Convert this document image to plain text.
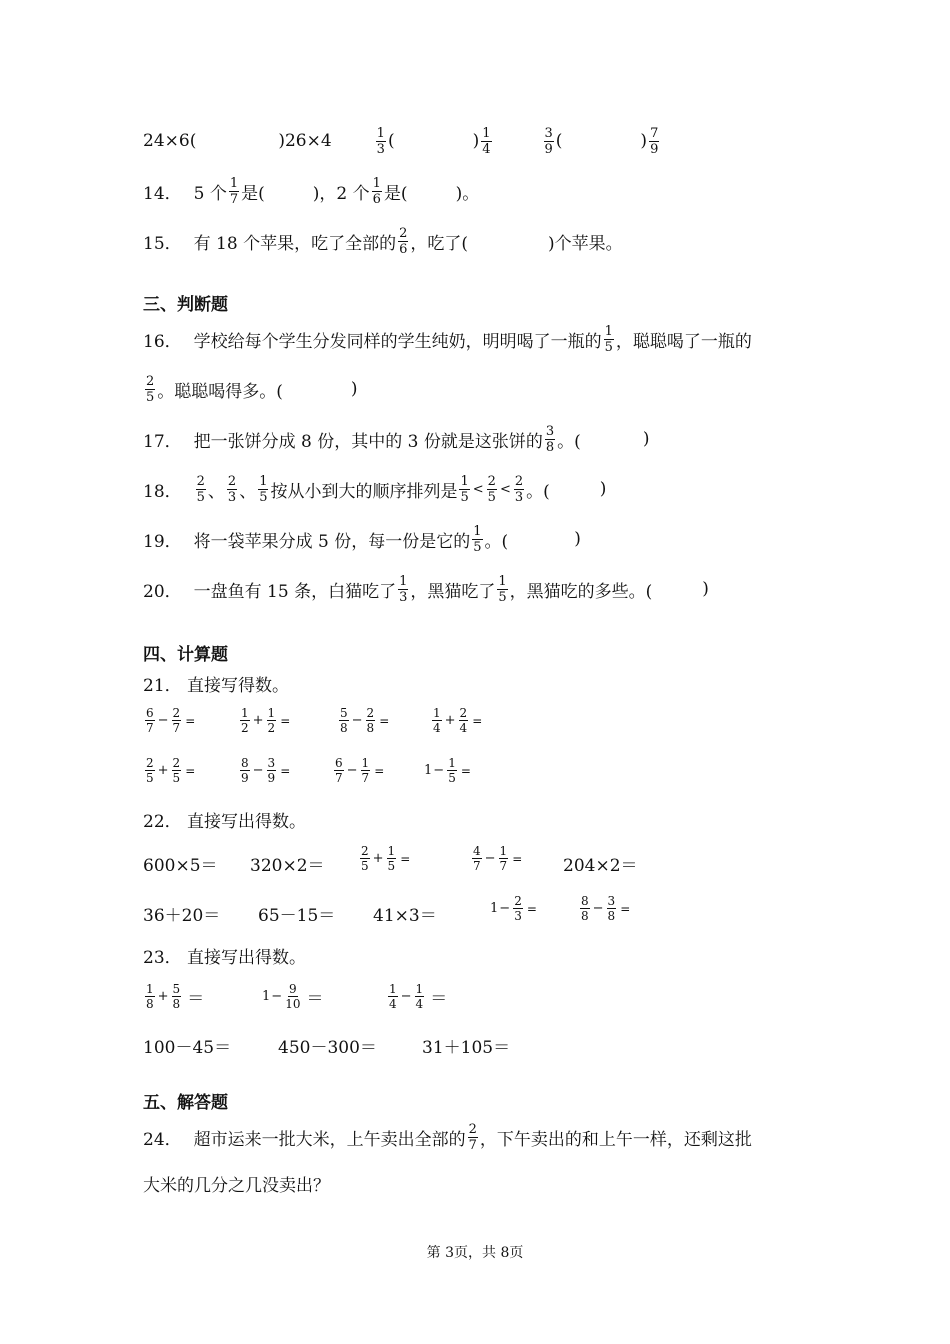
24×6(	)26×4	$\frac{1}{3}$ (	) $\frac{1}{4}$	$\frac{3}{9}$ (	) $\frac{7}{9}$
14． 5 个 $\frac{1}{7}$ 是(	)，2 个 $\frac{1}{6}$ 是(	)。
15． 有 18 个苹果，吃了全部的 $\frac{2}{6}$ ，吃了(	)个苹果。
三、判断题
16． 学校给每个学生分发同样的学生纯奶，明明喝了一瓶的 $\frac{1}{5}$ ，聪聪喝了一瓶的
$\frac{2}{5}$ 。聪聪喝得多。(	)
17． 把一张饼分成 8 份，其中的 3 份就是这张饼的 $\frac{3}{8}$ 。(	)
18． $\frac{2}{5}$ 、 $\frac{2}{3}$ 、 $\frac{1}{5}$ 按从小到大的顺序排列是 $\frac{1}{5} < \frac{2}{5} < \frac{2}{3}$ 。(	)
19． 将一袋苹果分成 5 份，每一份是它的 $\frac{1}{5}$ 。(	)
20． 一盘鱼有 15 条，白猫吃了 $\frac{1}{3}$ ，黑猫吃了 $\frac{1}{5}$ ，黑猫吃的多些。(	)
四、计算题
21． 直接写得数。
$\frac{6}{7} - \frac{2}{7}$ =	$\frac{1}{2} + \frac{1}{2}$ =	$\frac{5}{8} - \frac{2}{8}$ =	$\frac{1}{4} + \frac{2}{4}$ =
$\frac{2}{5} + \frac{2}{5}$ =	$\frac{8}{9} - \frac{3}{9}$ =	$\frac{6}{7} - \frac{1}{7}$ =	$1 - \frac{1}{5}$ =
22． 直接写出得数。
600×5＝ 320×2＝	$\frac{2}{5} + \frac{1}{5}$ =	$\frac{4}{7} - \frac{1}{7} = 204\times 2=$
36＋20＝ 65－15＝ 41×3＝	$1 - \frac{2}{3}$ =	$\frac{8}{8} - \frac{3}{8}$ =
23． 直接写出得数。
$\frac{1}{8} + \frac{5}{8}$ ＝	$1 - \frac{9}{10}$ ＝	$\frac{1}{4} - \frac{1}{4}$ ＝
100－45＝	450－300＝	31＋105＝
五、解答题
24． 超市运来一批大米，上午卖出全部的 $\frac{2}{7}$ ，下午卖出的和上午一样，还剩这批
大米的几分之几没卖出？
第 3页，共 8页
